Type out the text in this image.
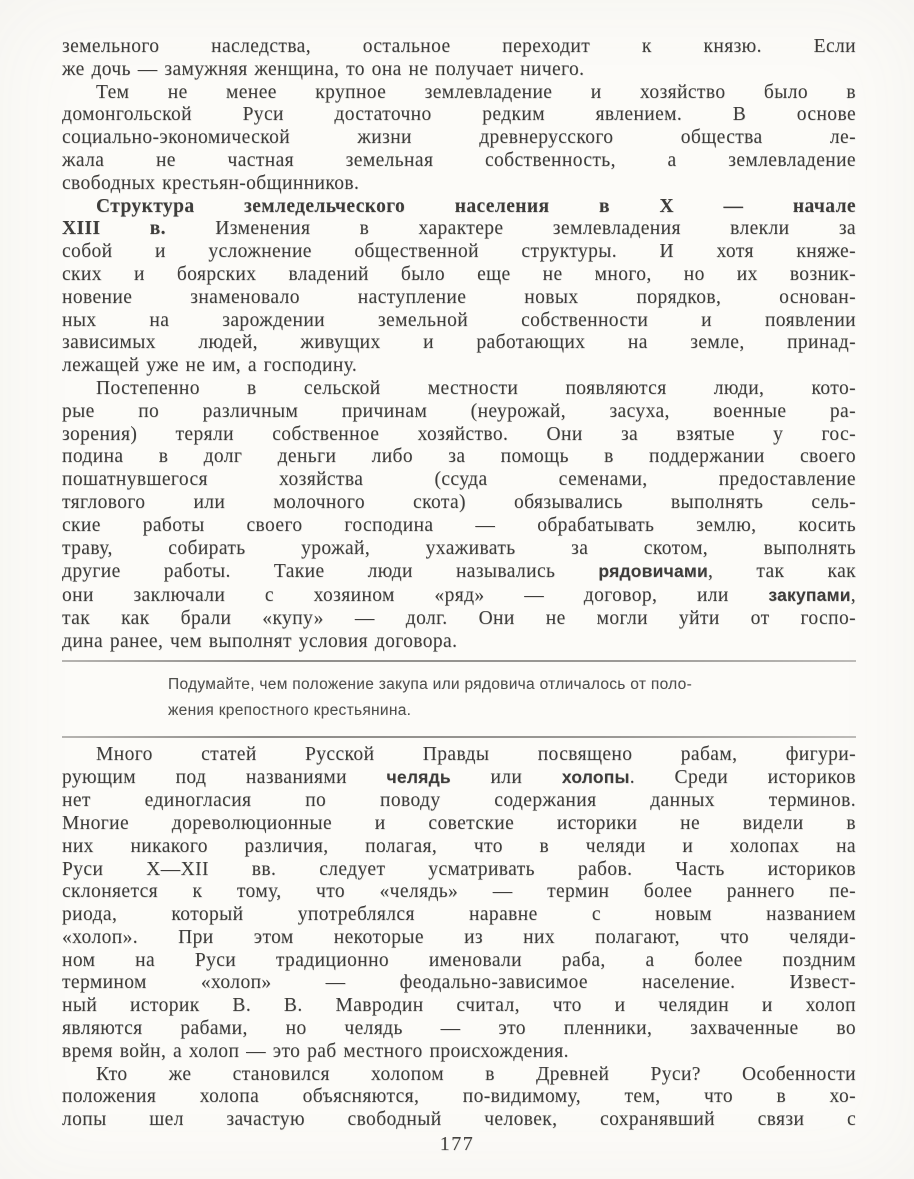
земельного наследства, остальное переходит к князю. Если
же дочь — замужняя женщина, то она не получает ничего.
Тем не менее крупное землевладение и хозяйство было в
домонгольской Руси достаточно редким явлением. В основе
социально-экономической жизни древнерусского общества ле-
жала не частная земельная собственность, а землевладение
свободных крестьян-общинников.
Структура земледельческого населения в X — начале
XIII в. Изменения в характере землевладения влекли за
собой и усложнение общественной структуры. И хотя княже-
ских и боярских владений было еще не много, но их возник-
новение знаменовало наступление новых порядков, основан-
ных на зарождении земельной собственности и появлении
зависимых людей, живущих и работающих на земле, принад-
лежащей уже не им, а господину.
Постепенно в сельской местности появляются люди, кото-
рые по различным причинам (неурожай, засуха, военные ра-
зорения) теряли собственное хозяйство. Они за взятые у гос-
подина в долг деньги либо за помощь в поддержании своего
пошатнувшегося хозяйства (ссуда семенами, предоставление
тяглового или молочного скота) обязывались выполнять сель-
ские работы своего господина — обрабатывать землю, косить
траву, собирать урожай, ухаживать за скотом, выполнять
другие работы. Такие люди назывались рядовичами, так как
они заключали с хозяином «ряд» — договор, или закупами,
так как брали «купу» — долг. Они не могли уйти от госпо-
дина ранее, чем выполнят условия договора.
Подумайте, чем положение закупа или рядовича отличалось от поло-
жения крепостного крестьянина.
Много статей Русской Правды посвящено рабам, фигури-
рующим под названиями челядь или холопы. Среди историков
нет единогласия по поводу содержания данных терминов.
Многие дореволюционные и советские историки не видели в
них никакого различия, полагая, что в челяди и холопах на
Руси X—XII вв. следует усматривать рабов. Часть историков
склоняется к тому, что «челядь» — термин более раннего пе-
риода, который употреблялся наравне с новым названием
«холоп». При этом некоторые из них полагают, что челяди-
ном на Руси традиционно именовали раба, а более поздним
термином «холоп» — феодально-зависимое население. Извест-
ный историк В. В. Мавродин считал, что и челядин и холоп
являются рабами, но челядь — это пленники, захваченные во
время войн, а холоп — это раб местного происхождения.
Кто же становился холопом в Древней Руси? Особенности
положения холопа объясняются, по-видимому, тем, что в хо-
лопы шел зачастую свободный человек, сохранявший связи с
177
